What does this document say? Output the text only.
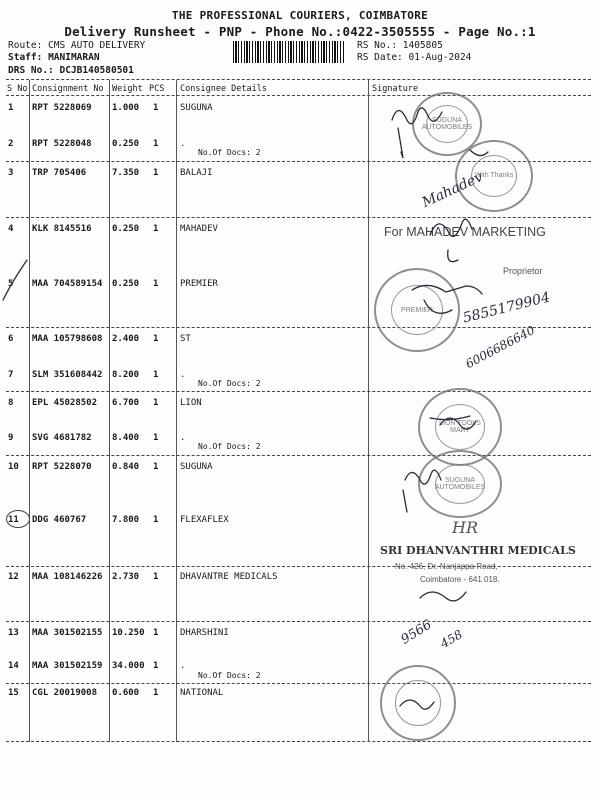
THE PROFESSIONAL COURIERS, COIMBATORE
Delivery Runsheet - PNP - Phone No.:0422-3505555 - Page No.:1
Route: CMS AUTO DELIVERY
Staff: MANIMARAN
DRS No.: DCJB140580501
RS No.: 1405805
RS Date: 01-Aug-2024
S No Consignment No Weight PCS Consignee Details	Signature
1 RPT 5228069 1.000 1 SUGUNA
2 RPT 5228048 0.250 1 .
No.Of Docs: 2
3 TRP 705406	7.350 1 BALAJI
4 KLK 8145516 0.250 1 MAHADEV
5 MAA 704589154 0.250 1 PREMIER
6 MAA 105798608 2.400 1 ST
7 SLM 351608442 8.200 1 .
No.Of Docs: 2
8 EPL 45028502 6.700 1 LION
9 SVG 4681782 8.400 1 .
No.Of Docs: 2
10 RPT 5228070 0.840 1 SUGUNA
11 DDG 460767	7.800 1 FLEXAFLEX
12 MAA 108146226 2.730 1 DHAVANTRE MEDICALS
13 MAA 301502155 10.250 1 DHARSHINI
14 MAA 301502159 34.000 1 .
No.Of Docs: 2
15 CGL 20019008 0.600 1 NATIONAL
SUGUNA AUTOMOBILES
With Thanks
For MAHADEV MARKETING
Proprietor
Mahadev
PREMIER 5855179904
6006686640
LION TOOLS MART
SUGUNA AUTOMOBILES
HR
SRI DHANVANTHRI MEDICALS
No. 426, Dr. Nanjappa Road,
Coimbatore - 641 018.
9566 458
